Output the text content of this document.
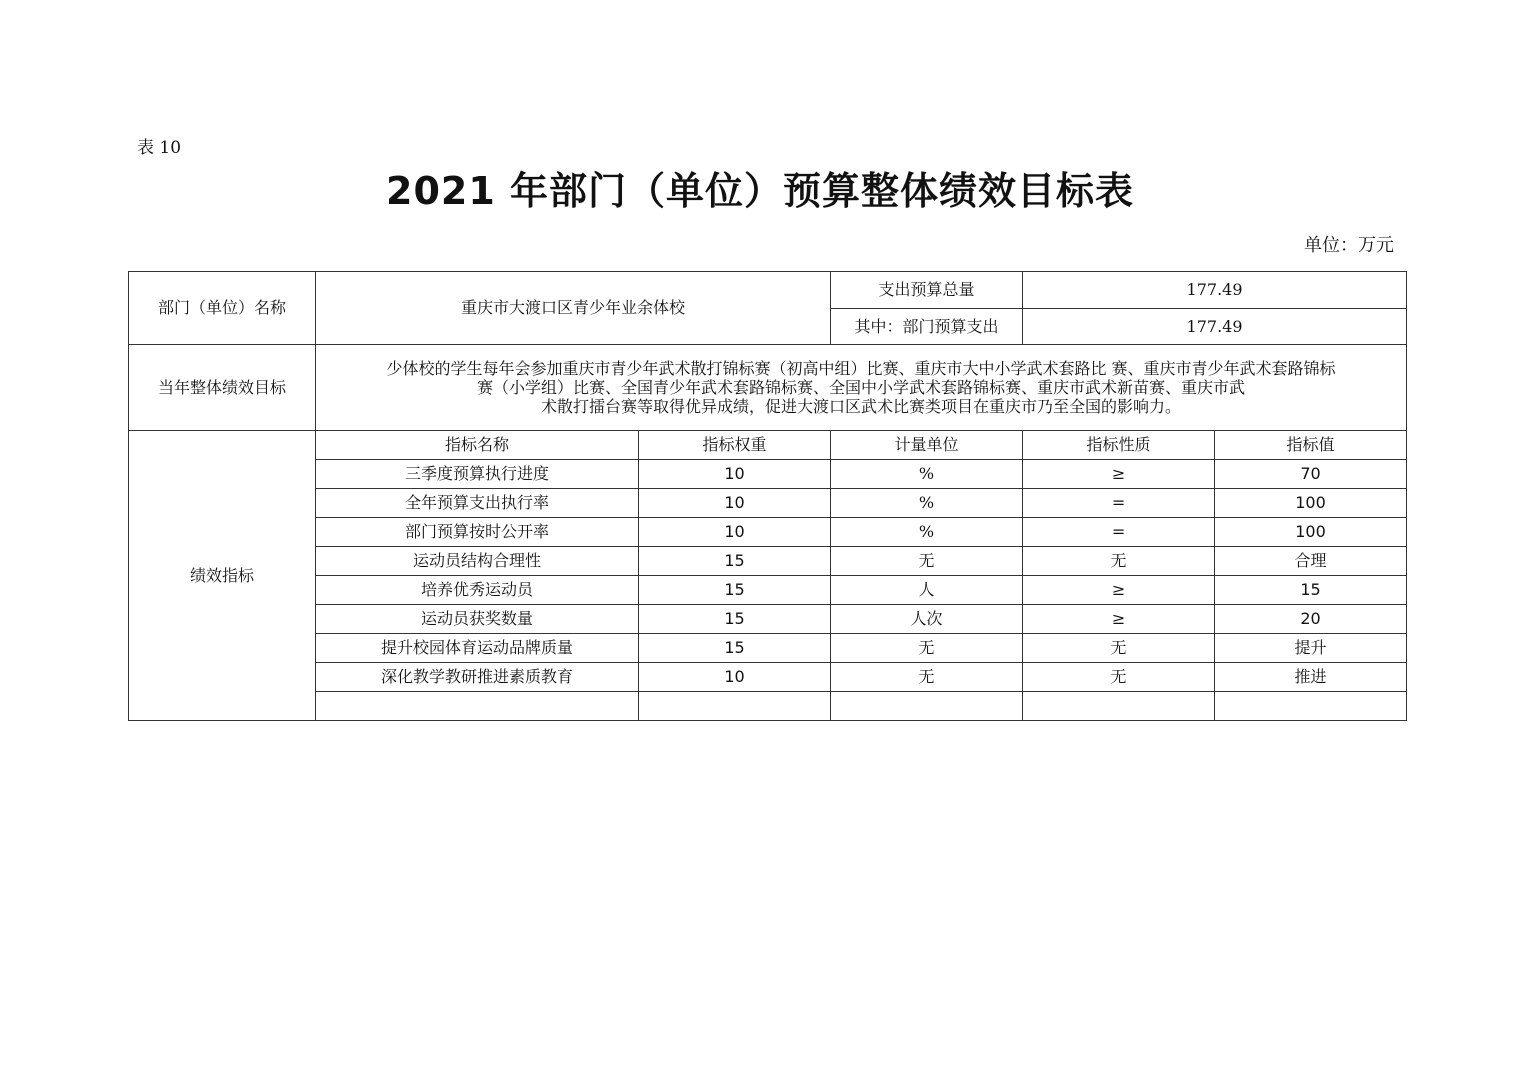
表 10
2021 年部门（单位）预算整体绩效目标表
单位：万元
部门（单位）名称	重庆市大渡口区青少年业余体校		支出预算总量	177.49	
			其中：部门预算支出	177.49	
当年整体绩效目标	少体校的学生每年会参加重庆市青少年武术散打锦标赛（初高中组）比赛、重庆市大中小学武术套路比 赛、重庆市青少年武术套路锦标
赛（小学组）比赛、全国青少年武术套路锦标赛、全国中小学武术套路锦标赛、重庆市武术新苗赛、重庆市武
术散打擂台赛等取得优异成绩，促进大渡口区武术比赛类项目在重庆市乃至全国的影响力。				

绩效指标	指标名称	指标权重	计量单位	指标性质	指标值
	三季度预算执行进度	10	%	≥	70
	全年预算支出执行率	10	%	=	100
	部门预算按时公开率	10	%	=	100
	运动员结构合理性	15	无	无	合理
	培养优秀运动员	15	人	≥	15
	运动员获奖数量	15	人次	≥	20
	提升校园体育运动品牌质量	15	无	无	提升
	深化教学教研推进素质教育	10	无	无	推进
